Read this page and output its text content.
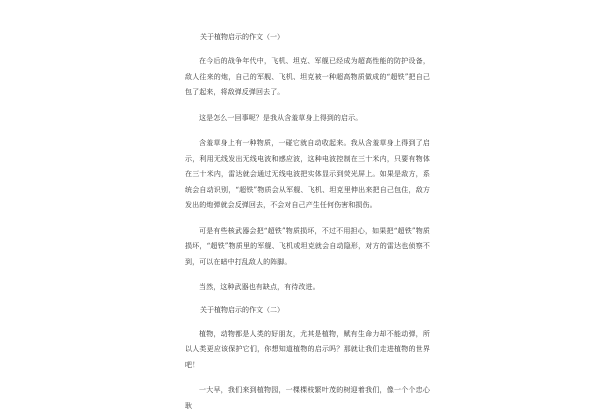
关于植物启示的作文（一）

在今后的战争年代中，飞机、坦克、军舰已经成为超高性能的防护设备，敌人往来的炮，自己的军舰、飞机、坦克被一种超高物质做成的“超铁”把自己包了起来，将敌弹反弹回去了。

这是怎么一回事呢？是我从含羞草身上得到的启示。

含羞草身上有一种物质，一碰它就自动收起来。我从含羞草身上得到了启示，利用无线发出无线电波和感应波，这种电波控制在三十米内，只要有物体在三十米内，雷达就会通过无线电波把实体显示到荧光屏上。如果是敌方，系统会自动识别，“超铁”物质会从军舰、飞机、坦克里伸出来把自己包住，敌方发出的炮弹就会反弹回去，不会对自己产生任何伤害和损伤。

可是有些核武器会把“超铁”物质损坏，不过不用担心，如果把“超铁”物质损坏，“超铁”物质里的军舰、飞机或坦克就会自动隐形，对方的雷达也侦察不到，可以在暗中打乱敌人的阵脚。

当然，这种武器也有缺点，有待改进。

关于植物启示的作文（二）

植物，动物都是人类的好朋友，尤其是植物，赋有生命力却不能动弹，所以人类更应该保护它们，你想知道植物的启示吗？那就让我们走进植物的世界吧！

一大早，我们来到植物园，一棵棵枝繁叶茂的树迎着我们，像一个个忠心耿
